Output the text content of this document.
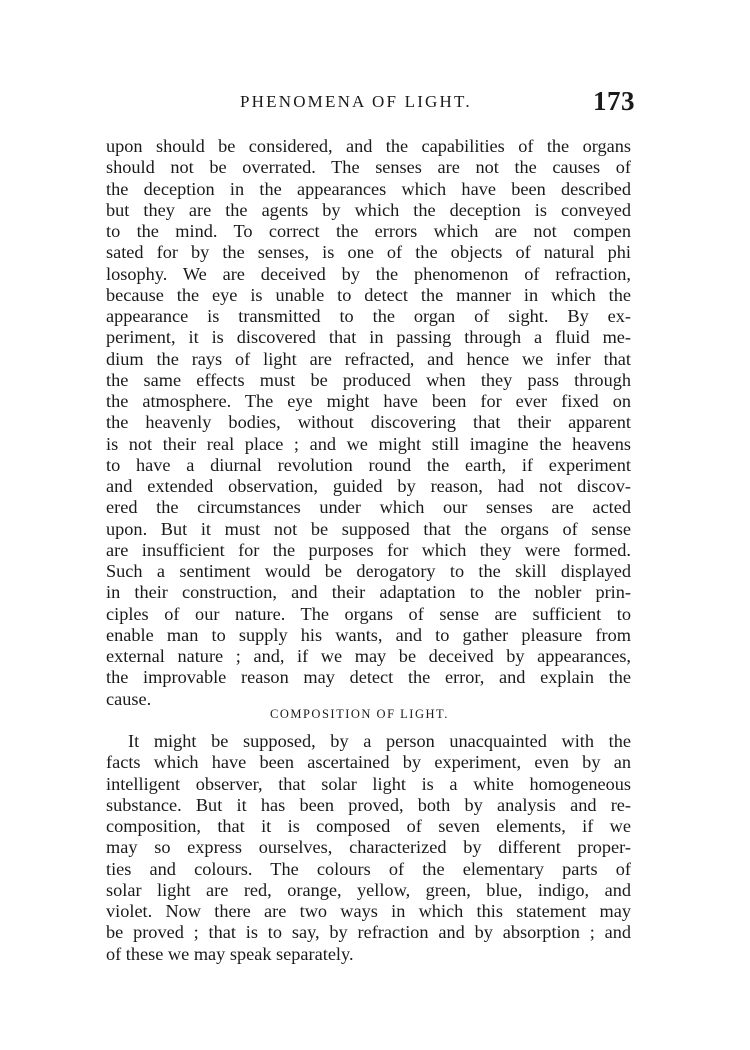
PHENOMENA OF LIGHT.	173
upon should be considered, and the capabilities of the organs
should not be overrated. The senses are not the causes of
the deception in the appearances which have been described
but they are the agents by which the deception is conveyed
to the mind. To correct the errors which are not compen
sated for by the senses, is one of the objects of natural phi
losophy. We are deceived by the phenomenon of refraction,
because the eye is unable to detect the manner in which the
appearance is transmitted to the organ of sight. By ex-
periment, it is discovered that in passing through a fluid me-
dium the rays of light are refracted, and hence we infer that
the same effects must be produced when they pass through
the atmosphere. The eye might have been for ever fixed on
the heavenly bodies, without discovering that their apparent
is not their real place ; and we might still imagine the heavens
to have a diurnal revolution round the earth, if experiment
and extended observation, guided by reason, had not discov-
ered the circumstances under which our senses are acted
upon. But it must not be supposed that the organs of sense
are insufficient for the purposes for which they were formed.
Such a sentiment would be derogatory to the skill displayed
in their construction, and their adaptation to the nobler prin-
ciples of our nature. The organs of sense are sufficient to
enable man to supply his wants, and to gather pleasure from
external nature ; and, if we may be deceived by appearances,
the improvable reason may detect the error, and explain the
cause.
COMPOSITION OF LIGHT.
It might be supposed, by a person unacquainted with the
facts which have been ascertained by experiment, even by an
intelligent observer, that solar light is a white homogeneous
substance. But it has been proved, both by analysis and re-
composition, that it is composed of seven elements, if we
may so express ourselves, characterized by different proper-
ties and colours. The colours of the elementary parts of
solar light are red, orange, yellow, green, blue, indigo, and
violet. Now there are two ways in which this statement may
be proved ; that is to say, by refraction and by absorption ; and
of these we may speak separately.
